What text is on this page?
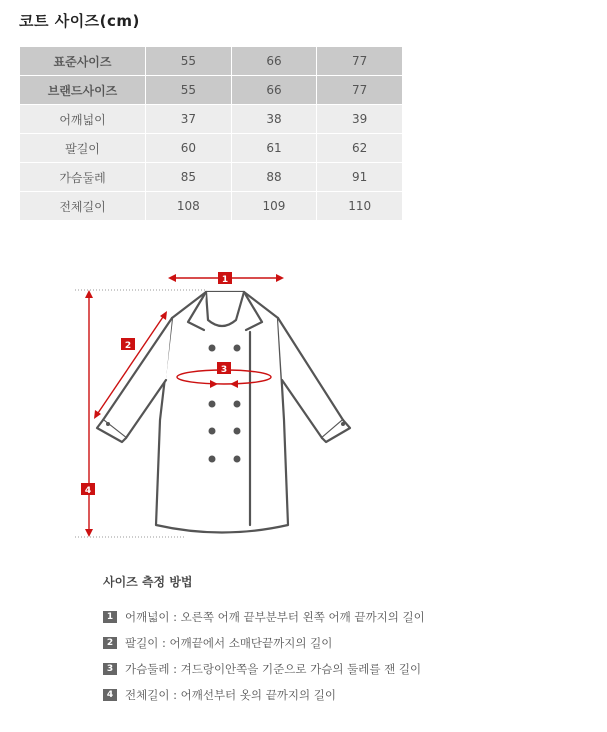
코트 사이즈(cm)
표준사이즈	55	66	77
브랜드사이즈	55	66	77
어깨넓이	37	38	39
팔길이	60	61	62
가슴둘레	85	88	91
전체길이	108	109	110
1
2
3
4
사이즈 측정 방법
1	어깨넓이 : 오른쪽 어깨 끝부분부터 왼쪽 어깨 끝까지의 길이
2	팔길이 : 어깨끝에서 소매단끝까지의 길이
3	가슴둘레 : 겨드랑이안쪽을 기준으로 가슴의 둘레를 잰 길이
4	전체길이 : 어깨선부터 옷의 끝까지의 길이
